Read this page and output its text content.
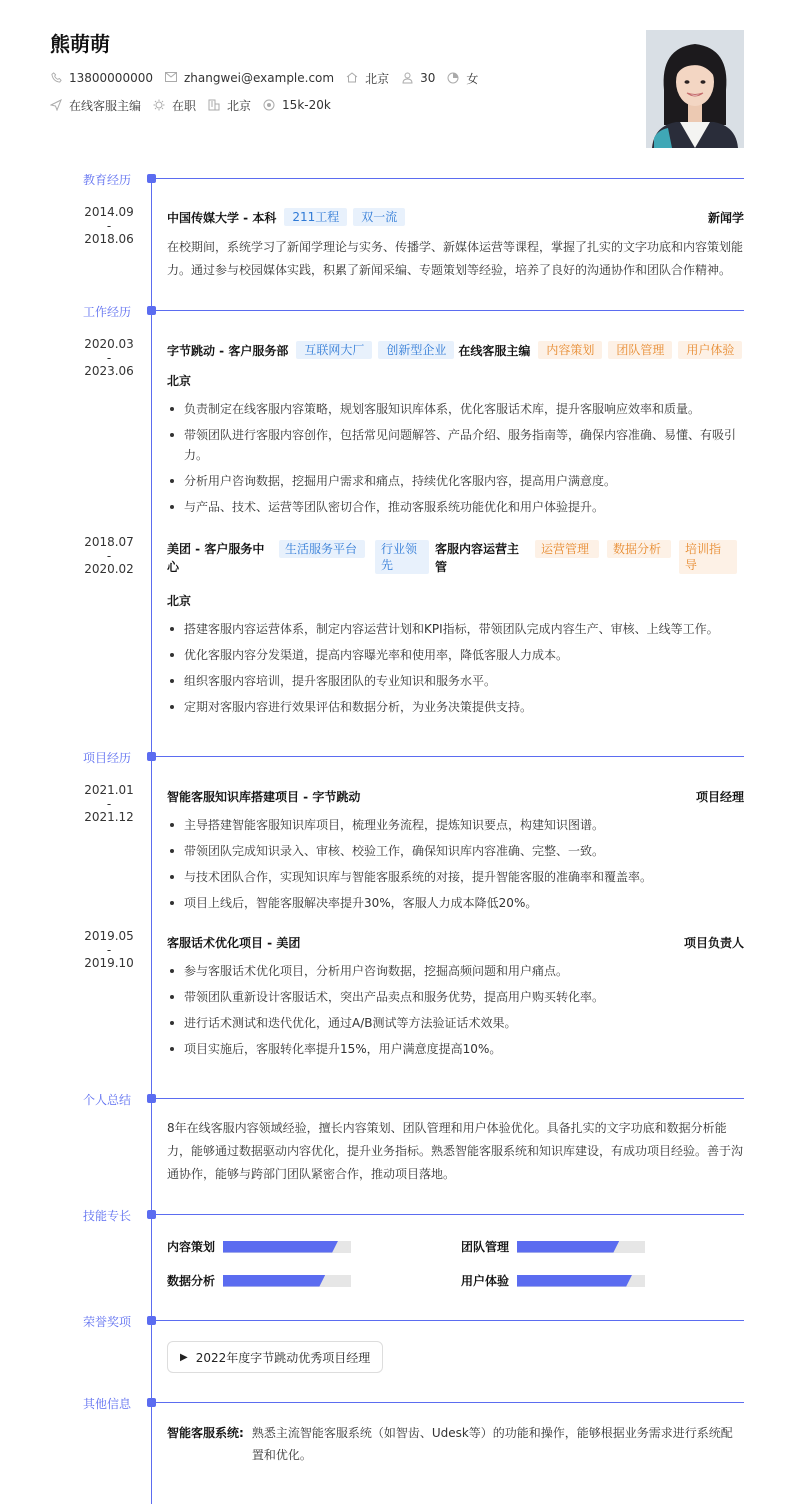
熊萌萌
13800000000	zhangwei@example.com	北京	30	女
在线客服主编	在职	北京	15k-20k
教育经历
2014.09
-
2018.06
中国传媒大学 - 本科	211工程	双一流	新闻学
在校期间，系统学习了新闻学理论与实务、传播学、新媒体运营等课程，掌握了扎实的文字功底和内容策划能力。通过参与校园媒体实践，积累了新闻采编、专题策划等经验，培养了良好的沟通协作和团队合作精神。
工作经历
2020.03
-
2023.06
字节跳动 - 客户服务部	互联网大厂	创新型企业	在线客服主编	内容策划	团队管理	用户体验
北京
负责制定在线客服内容策略，规划客服知识库体系，优化客服话术库，提升客服响应效率和质量。
带领团队进行客服内容创作，包括常见问题解答、产品介绍、服务指南等，确保内容准确、易懂、有吸引力。
分析用户咨询数据，挖掘用户需求和痛点，持续优化客服内容，提高用户满意度。
与产品、技术、运营等团队密切合作，推动客服系统功能优化和用户体验提升。
2018.07
-
2020.02
美团 - 客户服务中心
生活服务平台	行业领先
客服内容运营主管
运营管理	数据分析	培训指导
北京
搭建客服内容运营体系，制定内容运营计划和KPI指标，带领团队完成内容生产、审核、上线等工作。
优化客服内容分发渠道，提高内容曝光率和使用率，降低客服人力成本。
组织客服内容培训，提升客服团队的专业知识和服务水平。
定期对客服内容进行效果评估和数据分析，为业务决策提供支持。
项目经历
2021.01
-
2021.12
智能客服知识库搭建项目 - 字节跳动	项目经理
主导搭建智能客服知识库项目，梳理业务流程，提炼知识要点，构建知识图谱。
带领团队完成知识录入、审核、校验工作，确保知识库内容准确、完整、一致。
与技术团队合作，实现知识库与智能客服系统的对接，提升智能客服的准确率和覆盖率。
项目上线后，智能客服解决率提升30%，客服人力成本降低20%。
2019.05
-
2019.10
客服话术优化项目 - 美团	项目负责人
参与客服话术优化项目，分析用户咨询数据，挖掘高频问题和用户痛点。
带领团队重新设计客服话术，突出产品卖点和服务优势，提高用户购买转化率。
进行话术测试和迭代优化，通过A/B测试等方法验证话术效果。
项目实施后，客服转化率提升15%，用户满意度提高10%。
个人总结
8年在线客服内容领域经验，擅长内容策划、团队管理和用户体验优化。具备扎实的文字功底和数据分析能力，能够通过数据驱动内容优化，提升业务指标。熟悉智能客服系统和知识库建设，有成功项目经验。善于沟通协作，能够与跨部门团队紧密合作，推动项目落地。
技能专长
内容策划	团队管理
数据分析	用户体验
荣誉奖项
▶ 2022年度字节跳动优秀项目经理
其他信息
智能客服系统: 熟悉主流智能客服系统（如智齿、Udesk等）的功能和操作，能够根据业务需求进行系统配置和优化。
